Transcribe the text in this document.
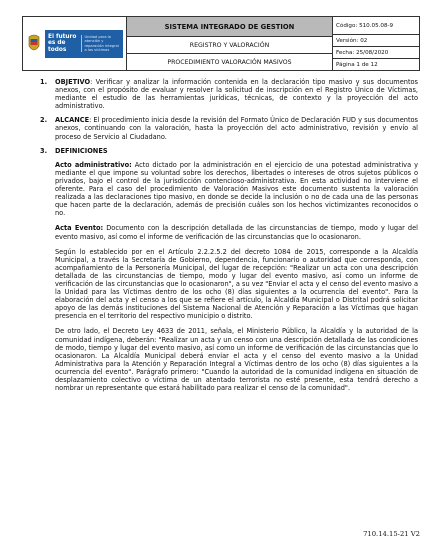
El futuro es de todos
Unidad para la atención y reparación integral a las víctimas
SISTEMA INTEGRADO DE GESTION
REGISTRO Y VALORACIÓN
PROCEDIMIENTO VALORACIÓN MASIVOS
Código: 510.05.08-9
Versión: 02
Fecha: 25/08/2020
Página 1 de 12
1.	OBJETIVO: Verificar y analizar la información contenida en la declaración tipo masivo y sus documentos anexos, con el propósito de evaluar y resolver la solicitud de inscripción en el Registro Único de Víctimas, mediante el estudio de las herramientas jurídicas, técnicas, de contexto y la proyección del acto administrativo.
2.	ALCANCE: El procedimiento inicia desde la revisión del Formato Único de Declaración FUD y sus documentos anexos, continuando con la valoración, hasta la proyección del acto administrativo, revisión y envío al proceso de Servicio al Ciudadano.
3.	DEFINICIONES
Acto administrativo: Acto dictado por la administración en el ejercicio de una potestad administrativa y mediante el que impone su voluntad sobre los derechos, libertades o intereses de otros sujetos públicos o privados, bajo el control de la jurisdicción contencioso-administrativa. En esta actividad no interviene el oferente. Para el caso del procedimiento de Valoración Masivos este documento sustenta la valoración realizada a las declaraciones tipo masivo, en donde se decide la inclusión o no de cada una de las personas que hacen parte de la declaración, además de precisión cuáles son los hechos victimizantes reconocidos o no.
Acta Evento: Documento con la descripción detallada de las circunstancias de tiempo, modo y lugar del evento masivo, así como el informe de verificación de las circunstancias que lo ocasionaron.
Según lo establecido por en el Artículo 2.2.2.5.2 del decreto 1084 de 2015, corresponde a la Alcaldía Municipal, a través la Secretaría de Gobierno, dependencia, funcionario o autoridad que corresponda, con acompañamiento de la Personería Municipal, del lugar de recepción: "Realizar un acta con una descripción detallada de las circunstancias de tiempo, modo y lugar del evento masivo, así como un informe de verificación de las circunstancias que lo ocasionaron", a su vez "Enviar el acta y el censo del evento masivo a la Unidad para las Víctimas dentro de los ocho (8) días siguientes a la ocurrencia del evento". Para la elaboración del acta y el censo a los que se refiere el artículo, la Alcaldía Municipal o Distrital podrá solicitar apoyo de las demás instituciones del Sistema Nacional de Atención y Reparación a las Víctimas que hagan presencia en el territorio del respectivo municipio o distrito.
De otro lado, el Decreto Ley 4633 de 2011, señala, el Ministerio Público, la Alcaldía y la autoridad de la comunidad indígena, deberán: "Realizar un acta y un censo con una descripción detallada de las condiciones de modo, tiempo y lugar del evento masivo, así como un informe de verificación de las circunstancias que lo ocasionaron. La Alcaldía Municipal deberá enviar el acta y el censo del evento masivo a la Unidad Administrativa para la Atención y Reparación Integral a Víctimas dentro de los ocho (8) días siguientes a la ocurrencia del evento". Parágrafo primero: "Cuando la autoridad de la comunidad indígena en situación de desplazamiento colectivo o víctima de un atentado terrorista no esté presente, esta tendrá derecho a nombrar un representante que estará habilitado para realizar el censo de la comunidad".
710.14.15-21 V2
